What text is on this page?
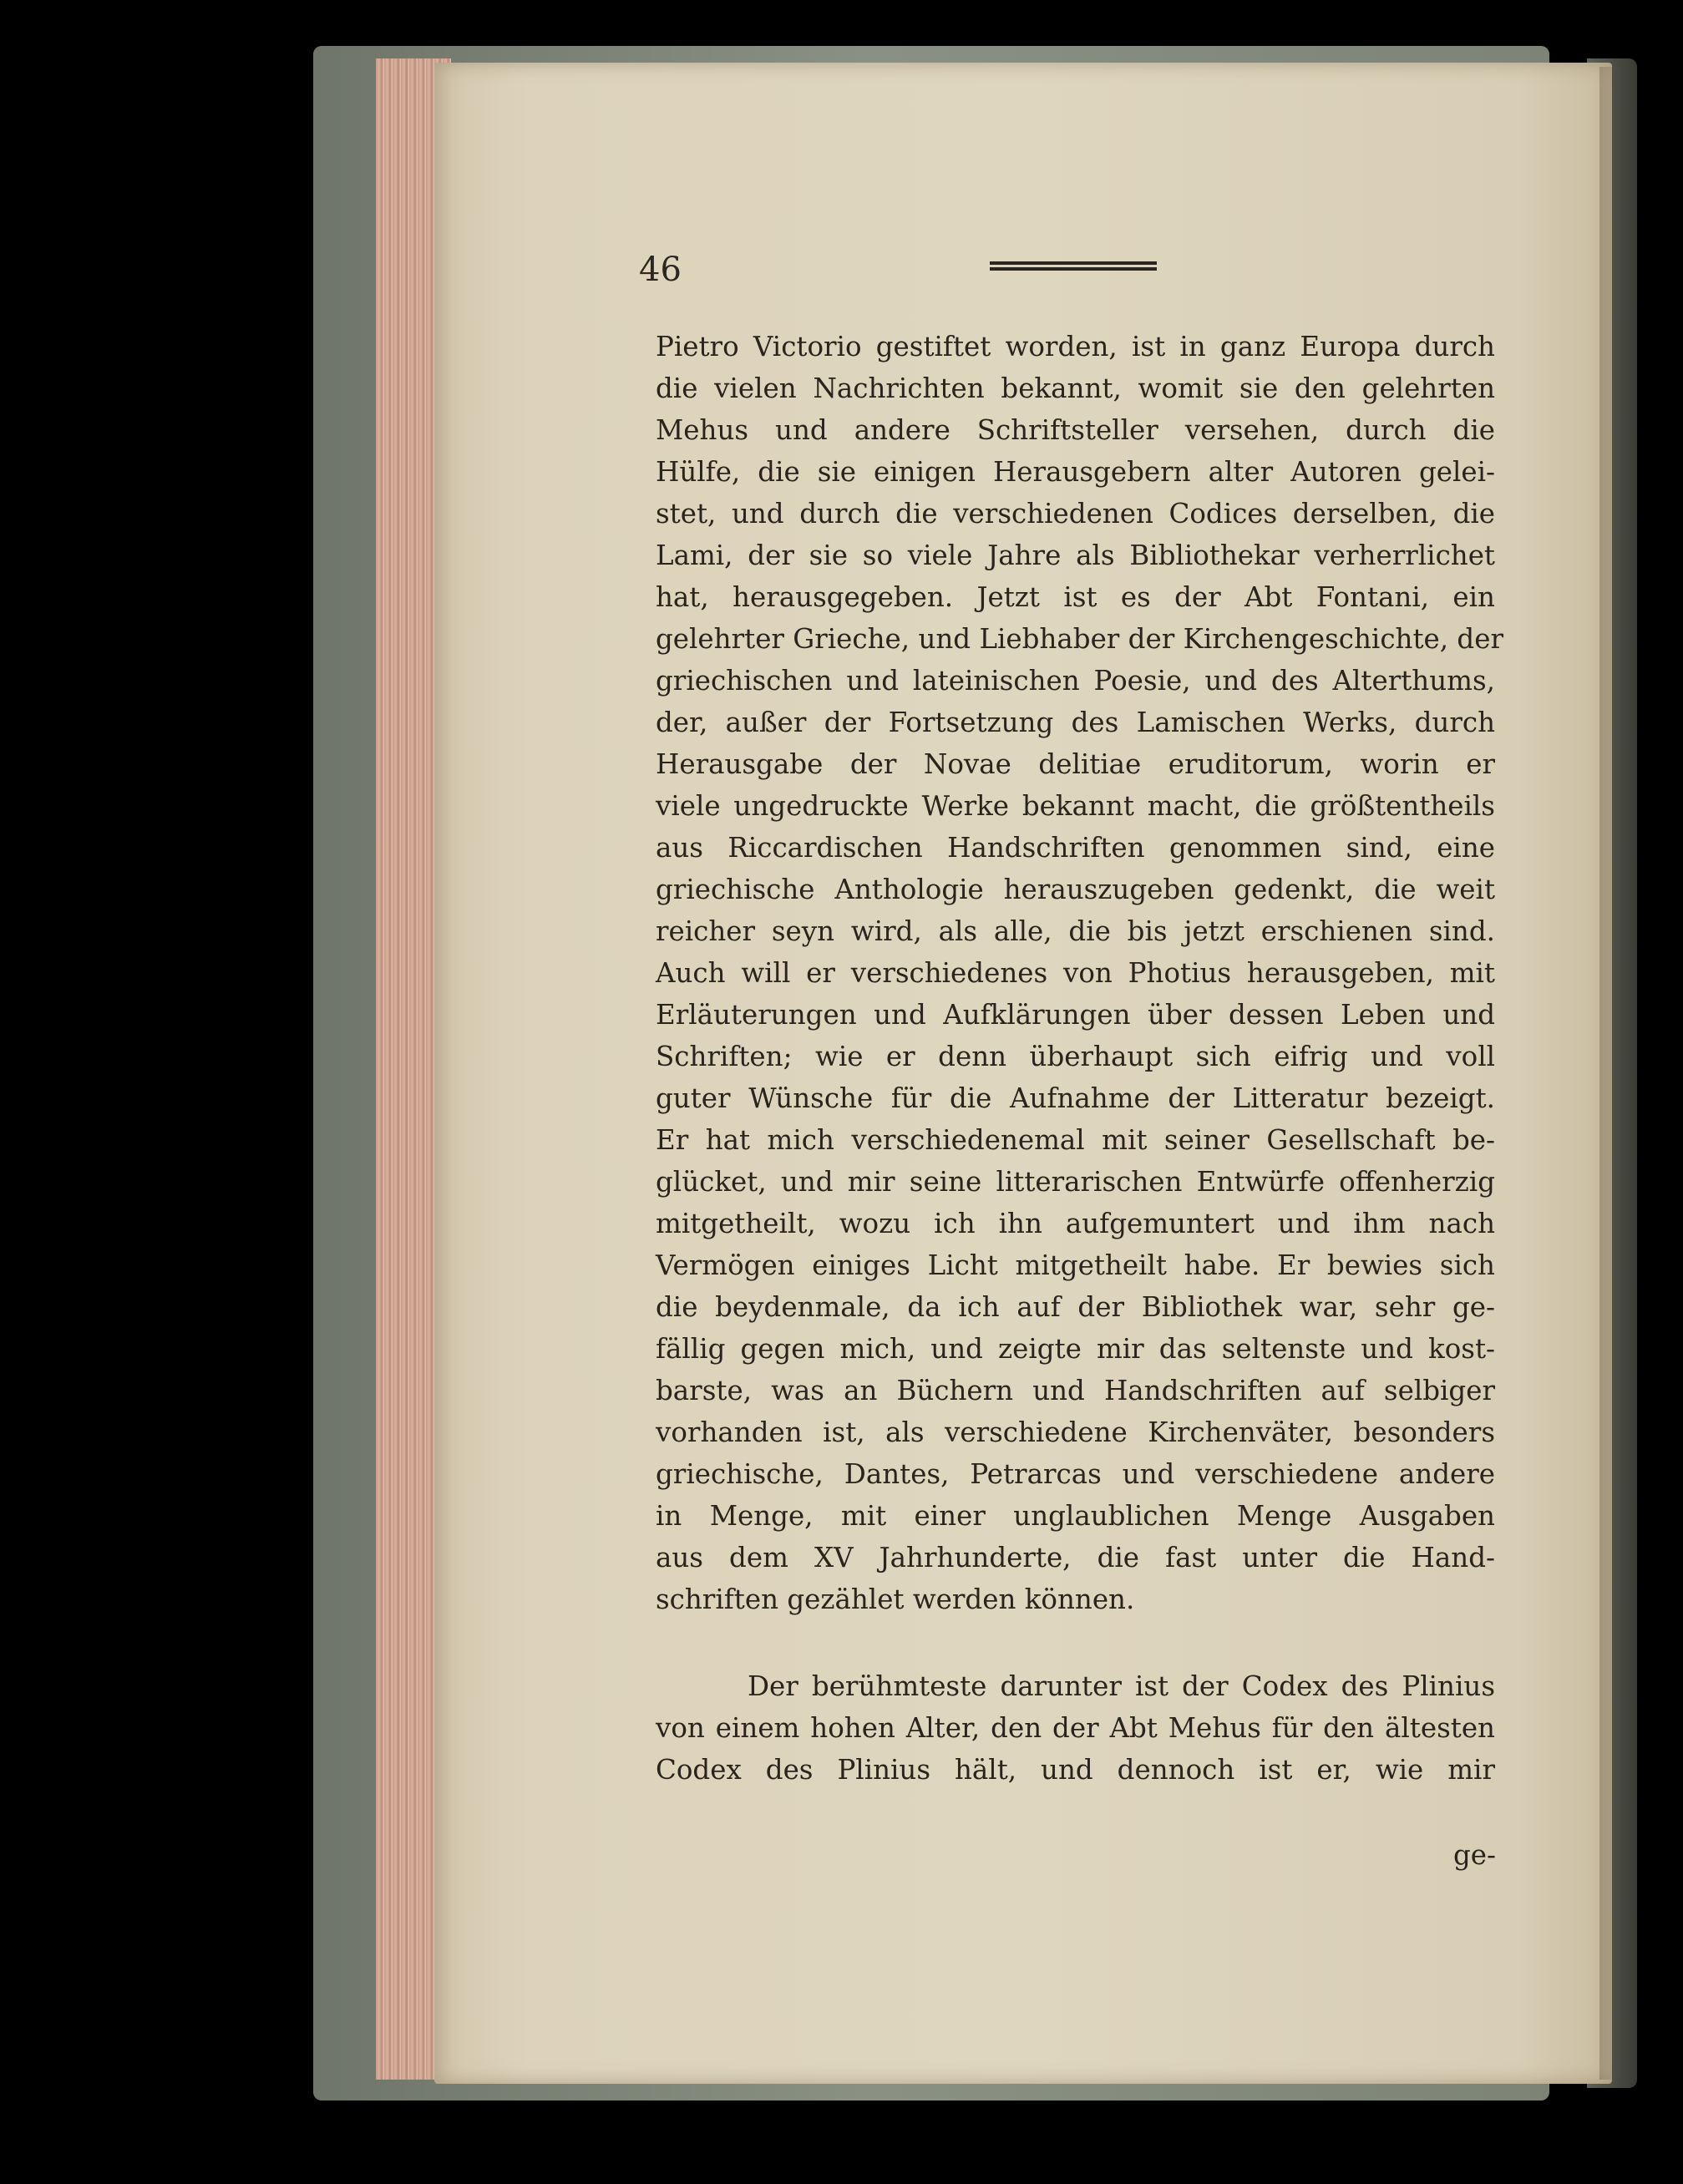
46
Pietro Victorio gestiftet worden, ist in ganz Europa durch
die vielen Nachrichten bekannt, womit sie den gelehrten
Mehus und andere Schriftsteller versehen, durch die
Hülfe, die sie einigen Herausgebern alter Autoren gelei-
stet, und durch die verschiedenen Codices derselben, die
Lami, der sie so viele Jahre als Bibliothekar verherrlichet
hat, herausgegeben. Jetzt ist es der Abt Fontani, ein
gelehrter Grieche, und Liebhaber der Kirchengeschichte, der
griechischen und lateinischen Poesie, und des Alterthums,
der, außer der Fortsetzung des Lamischen Werks, durch
Herausgabe der Novae delitiae eruditorum, worin er
viele ungedruckte Werke bekannt macht, die größtentheils
aus Riccardischen Handschriften genommen sind, eine
griechische Anthologie herauszugeben gedenkt, die weit
reicher seyn wird, als alle, die bis jetzt erschienen sind.
Auch will er verschiedenes von Photius herausgeben, mit
Erläuterungen und Aufklärungen über dessen Leben und
Schriften; wie er denn überhaupt sich eifrig und voll
guter Wünsche für die Aufnahme der Litteratur bezeigt.
Er hat mich verschiedenemal mit seiner Gesellschaft be-
glücket, und mir seine litterarischen Entwürfe offenherzig
mitgetheilt, wozu ich ihn aufgemuntert und ihm nach
Vermögen einiges Licht mitgetheilt habe. Er bewies sich
die beydenmale, da ich auf der Bibliothek war, sehr ge-
fällig gegen mich, und zeigte mir das seltenste und kost-
barste, was an Büchern und Handschriften auf selbiger
vorhanden ist, als verschiedene Kirchenväter, besonders
griechische, Dantes, Petrarcas und verschiedene andere
in Menge, mit einer unglaublichen Menge Ausgaben
aus dem XV Jahrhunderte, die fast unter die Hand-
schriften gezählet werden können.
Der berühmteste darunter ist der Codex des Plinius
von einem hohen Alter, den der Abt Mehus für den ältesten
Codex des Plinius hält, und dennoch ist er, wie mir
ge-
